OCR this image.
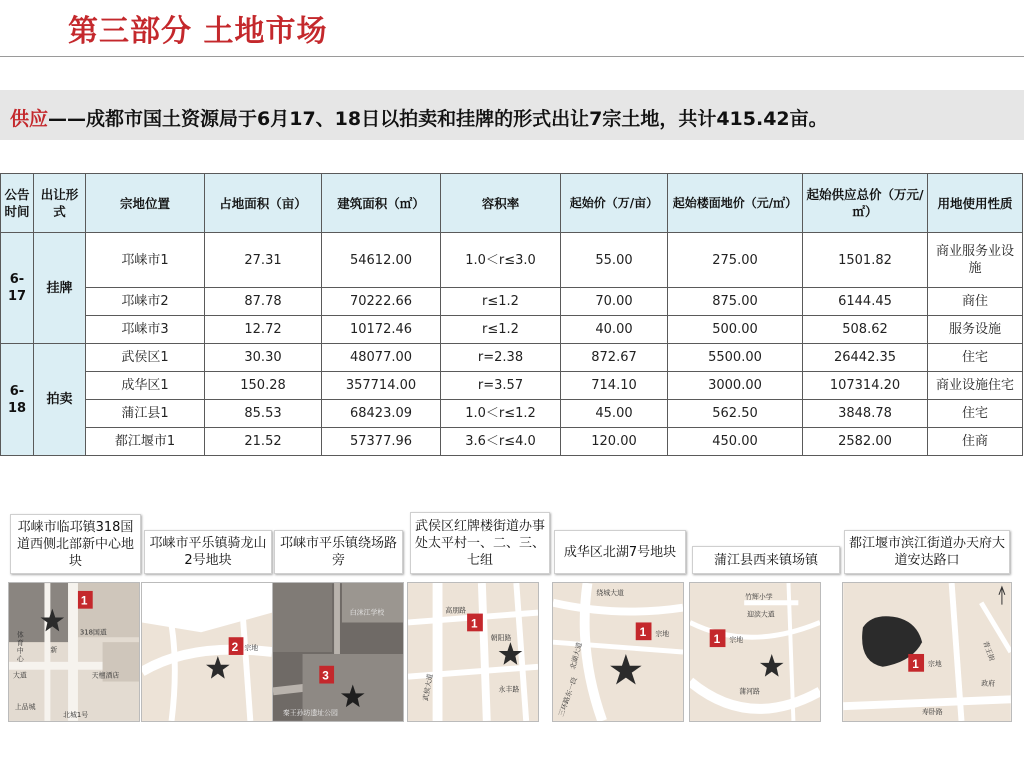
第三部分 土地市场
供应——成都市国土资源局于6月17、18日以拍卖和挂牌的形式出让7宗土地，共计415.42亩。
公告时间	出让形式	宗地位置	占地面积（亩）	建筑面积（㎡）	容积率	起始价（万/亩）	起始楼面地价（元/㎡）	起始供应总价（万元/㎡）	用地使用性质
6-17	挂牌	邛崃市1	27.31	54612.00	1.0＜r≤3.0	55.00	275.00	1501.82	商业服务业设施
		邛崃市2	87.78	70222.66	r≤1.2	70.00	875.00	6144.45	商住
		邛崃市3	12.72	10172.46	r≤1.2	40.00	500.00	508.62	服务设施
6-18	拍卖	武侯区1	30.30	48077.00	r=2.38	872.67	5500.00	26442.35	住宅
		成华区1	150.28	357714.00	r=3.57	714.10	3000.00	107314.20	商业设施住宅
		蒲江县1	85.53	68423.09	1.0＜r≤1.2	45.00	562.50	3848.78	住宅
		都江堰市1	21.52	57377.96	3.6＜r≤4.0	120.00	450.00	2582.00	住商
邛崃市临邛镇318国道西侧北部新中心地块
邛崃市平乐镇骑龙山2号地块
邛崃市平乐镇绕场路旁
武侯区红牌楼街道办事处太平村一、二、三、七组
成华区北湖7号地块
蒲江县西来镇场镇
都江堰市滨江街道办天府大道安达路口
体
育
中
心
天檀酒店
北城1号
上品城
318国道
新
大道
1
2 宗地
白沫江学校
秦王孙坊遗址公园
3	武侯大道
高朋路
朝阳路
永丰路
1
绕城大道
北湖大道
三环路东一段
1 宗地
竹辉小学
迎滨大道
蒲河路
1 宗地
寿卧路
青王街
政府
宗地
1
